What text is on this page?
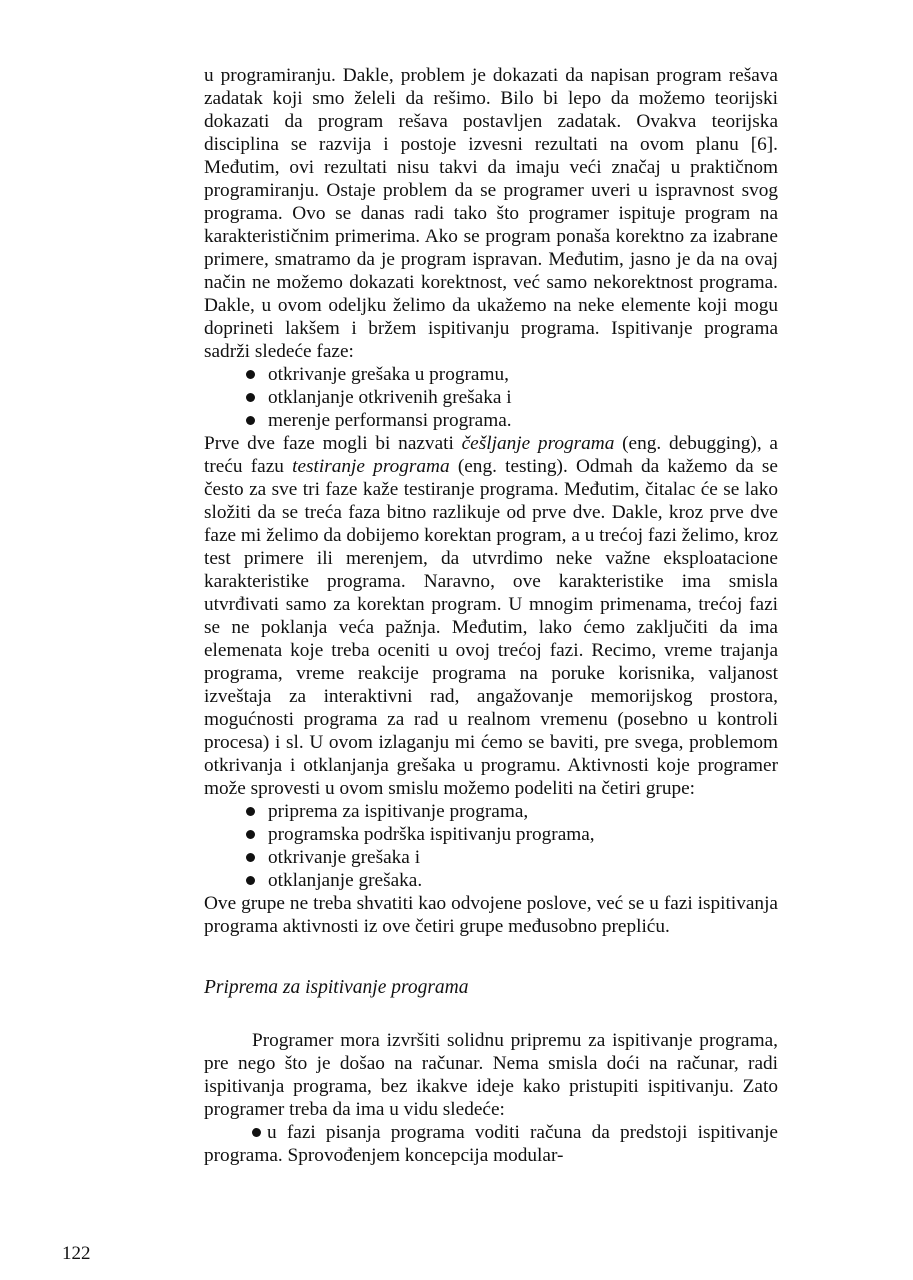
u programiranju. Dakle, problem je dokazati da napisan program rešava zadatak koji smo želeli da rešimo. Bilo bi lepo da možemo teorijski dokazati da program rešava postavljen zadatak. Ovakva teorijska disciplina se razvija i postoje izvesni rezultati na ovom planu [6]. Međutim, ovi rezultati nisu takvi da imaju veći značaj u praktičnom programiranju. Ostaje problem da se programer uveri u ispravnost svog programa. Ovo se danas radi tako što programer ispituje program na karakterističnim primerima. Ako se program ponaša korektno za izabrane primere, smatramo da je program ispravan. Međutim, jasno je da na ovaj način ne možemo dokazati korektnost, već samo nekorektnost programa. Dakle, u ovom odeljku želimo da ukažemo na neke elemente koji mogu doprineti lakšem i bržem ispitivanju programa. Ispitivanje programa sadrži sledeće faze:

otkrivanje grešaka u programu,
otklanjanje otkrivenih grešaka i
merenje performansi programa.

Prve dve faze mogli bi nazvati češljanje programa (eng. debugging), a treću fazu testiranje programa (eng. testing). Odmah da kažemo da se često za sve tri faze kaže testiranje programa. Međutim, čitalac će se lako složiti da se treća faza bitno razlikuje od prve dve. Dakle, kroz prve dve faze mi želimo da dobijemo korektan program, a u trećoj fazi želimo, kroz test primere ili merenjem, da utvrdimo neke važne eksploatacione karakteristike programa. Naravno, ove karakteristike ima smisla utvrđivati samo za korektan program. U mnogim primenama, trećoj fazi se ne poklanja veća pažnja. Međutim, lako ćemo zaključiti da ima elemenata koje treba oceniti u ovoj trećoj fazi. Recimo, vreme trajanja programa, vreme reakcije programa na poruke korisnika, valjanost izveštaja za interaktivni rad, angažovanje memorijskog prostora, mogućnosti programa za rad u realnom vremenu (posebno u kontroli procesa) i sl. U ovom izlaganju mi ćemo se baviti, pre svega, problemom otkrivanja i otklanjanja grešaka u programu. Aktivnosti koje programer može sprovesti u ovom smislu možemo podeliti na četiri grupe:

priprema za ispitivanje programa,
programska podrška ispitivanju programa,
otkrivanje grešaka i
otklanjanje grešaka.

Ove grupe ne treba shvatiti kao odvojene poslove, već se u fazi ispitivanja programa aktivnosti iz ove četiri grupe međusobno prepliću.

Priprema za ispitivanje programa

Programer mora izvršiti solidnu pripremu za ispitivanje programa, pre nego što je došao na računar. Nema smisla doći na računar, radi ispitivanja programa, bez ikakve ideje kako pristupiti ispitivanju. Zato programer treba da ima u vidu sledeće:

u fazi pisanja programa voditi računa da predstoji ispitivanje programa. Sprovođenjem koncepcija modular-

122
